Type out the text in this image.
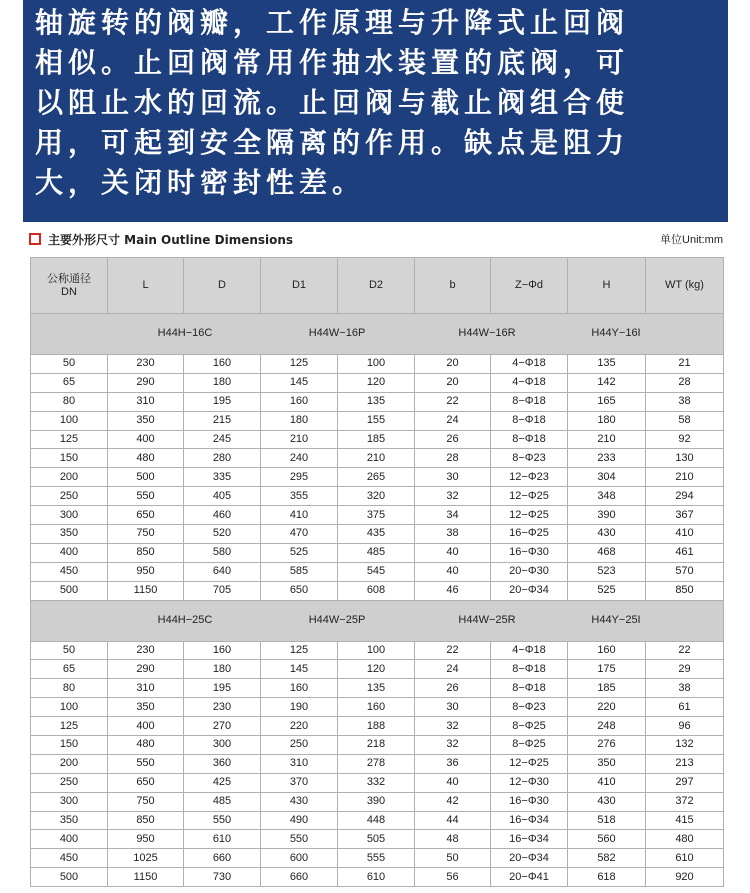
轴旋转的阀瓣，工作原理与升降式止回阀
相似。止回阀常用作抽水装置的底阀，可
以阻止水的回流。止回阀与截止阀组合使
用，可起到安全隔离的作用。缺点是阻力
大，关闭时密封性差。
主要外形尺寸 Main Outline Dimensions	单位Unit:mm
公称通径
DN	L	D	D1	D2	b	Z−Φd	H	WT (kg)

H44H−16C H44W−16P H44W−16R H44Y−16I								

50	230	160	125	100	20	4−Φ18	135	21
65	290	180	145	120	20	4−Φ18	142	28
80	310	195	160	135	22	8−Φ18	165	38
100	350	215	180	155	24	8−Φ18	180	58
125	400	245	210	185	26	8−Φ18	210	92
150	480	280	240	210	28	8−Φ23	233	130
200	500	335	295	265	30	12−Φ23	304	210
250	550	405	355	320	32	12−Φ25	348	294
300	650	460	410	375	34	12−Φ25	390	367
350	750	520	470	435	38	16−Φ25	430	410
400	850	580	525	485	40	16−Φ30	468	461
450	950	640	585	545	40	20−Φ30	523	570
500	1150	705	650	608	46	20−Φ34	525	850

H44H−25C H44W−25P H44W−25R H44Y−25I								

50	230	160	125	100	22	4−Φ18	160	22
65	290	180	145	120	24	8−Φ18	175	29
80	310	195	160	135	26	8−Φ18	185	38
100	350	230	190	160	30	8−Φ23	220	61
125	400	270	220	188	32	8−Φ25	248	96
150	480	300	250	218	32	8−Φ25	276	132
200	550	360	310	278	36	12−Φ25	350	213
250	650	425	370	332	40	12−Φ30	410	297
300	750	485	430	390	42	16−Φ30	430	372
350	850	550	490	448	44	16−Φ34	518	415
400	950	610	550	505	48	16−Φ34	560	480
450	1025	660	600	555	50	20−Φ34	582	610
500	1150	730	660	610	56	20−Φ41	618	920
